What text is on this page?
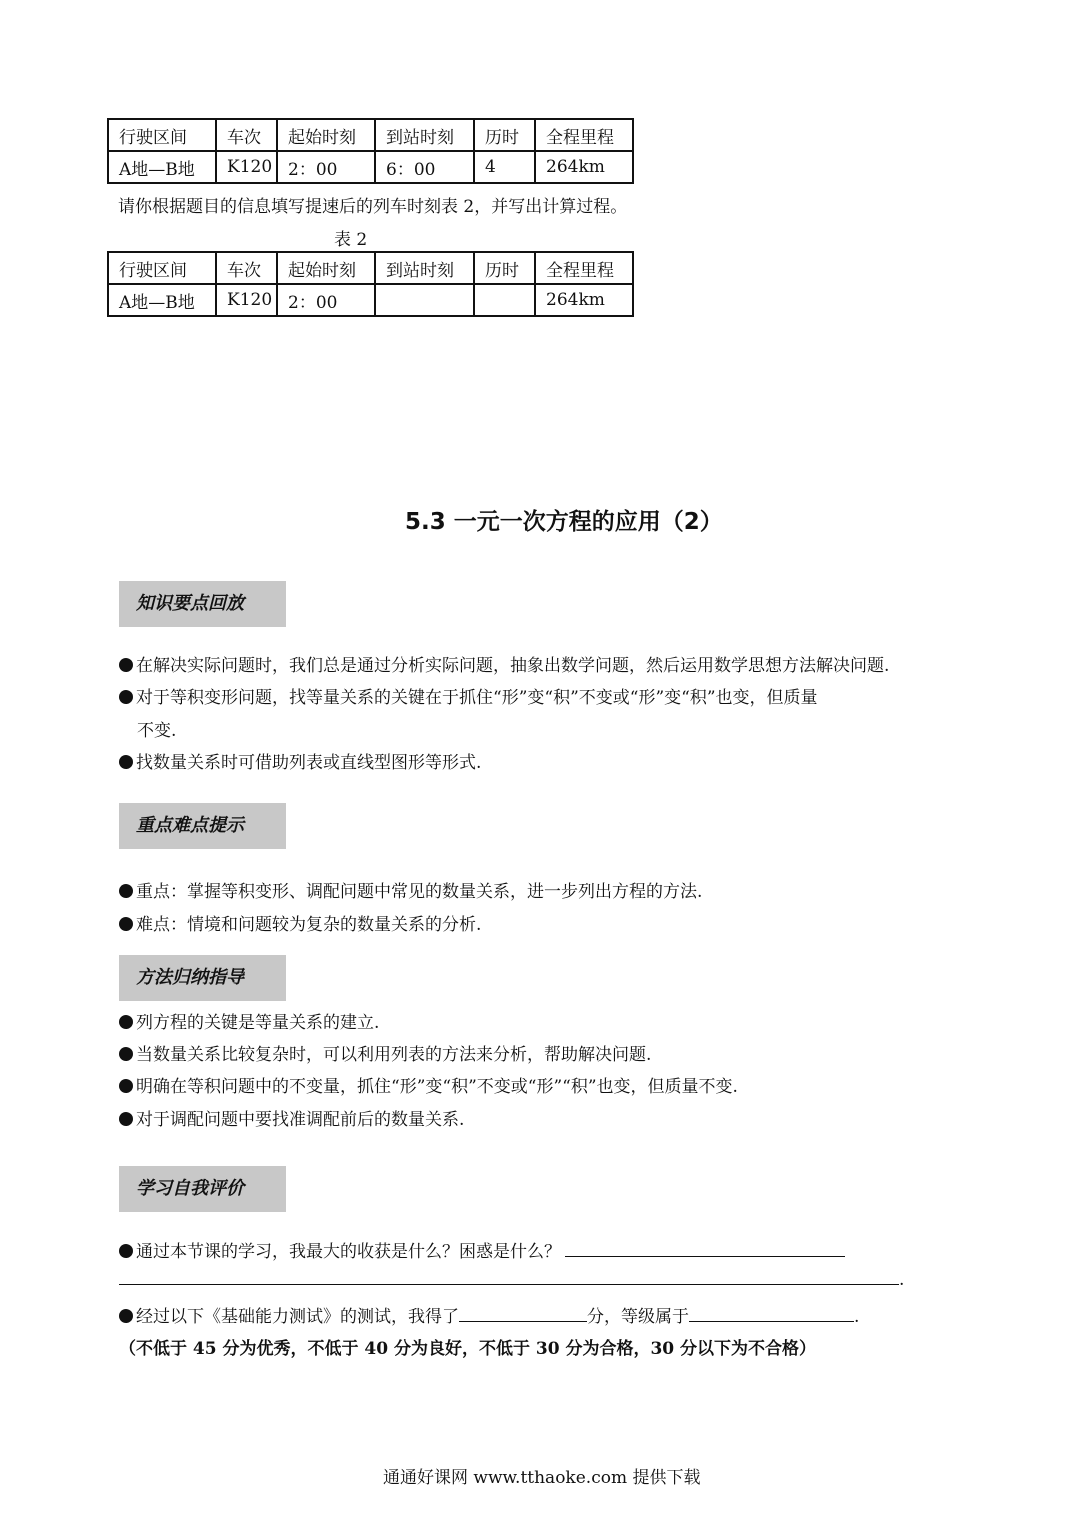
行驶区间	车次	起始时刻	到站时刻	历时	全程里程
A地—B地	K120	2：00	6：00	4	264km
请你根据题目的信息填写提速后的列车时刻表 2，并写出计算过程。
表 2
行驶区间	车次	起始时刻	到站时刻	历时	全程里程
A地—B地	K120	2：00			264km
5.3 一元一次方程的应用（2）
知识要点回放
在解决实际问题时，我们总是通过分析实际问题，抽象出数学问题，然后运用数学思想方法解决问题.
对于等积变形问题，找等量关系的关键在于抓住“形”变“积”不变或“形”变“积”也变，但质量
不变.
找数量关系时可借助列表或直线型图形等形式.
重点难点提示
重点：掌握等积变形、调配问题中常见的数量关系，进一步列出方程的方法.
难点：情境和问题较为复杂的数量关系的分析.
方法归纳指导
列方程的关键是等量关系的建立.
当数量关系比较复杂时，可以利用列表的方法来分析，帮助解决问题.
明确在等积问题中的不变量，抓住“形”变“积”不变或“形”“积”也变，但质量不变.
对于调配问题中要找准调配前后的数量关系.
学习自我评价
通过本节课的学习，我最大的收获是什么？困惑是什么？
.
经过以下《基础能力测试》的测试，我得了	分，等级属于	.
（不低于 45 分为优秀，不低于 40 分为良好，不低于 30 分为合格，30 分以下为不合格）
通通好课网 www.tthaoke.com 提供下载
